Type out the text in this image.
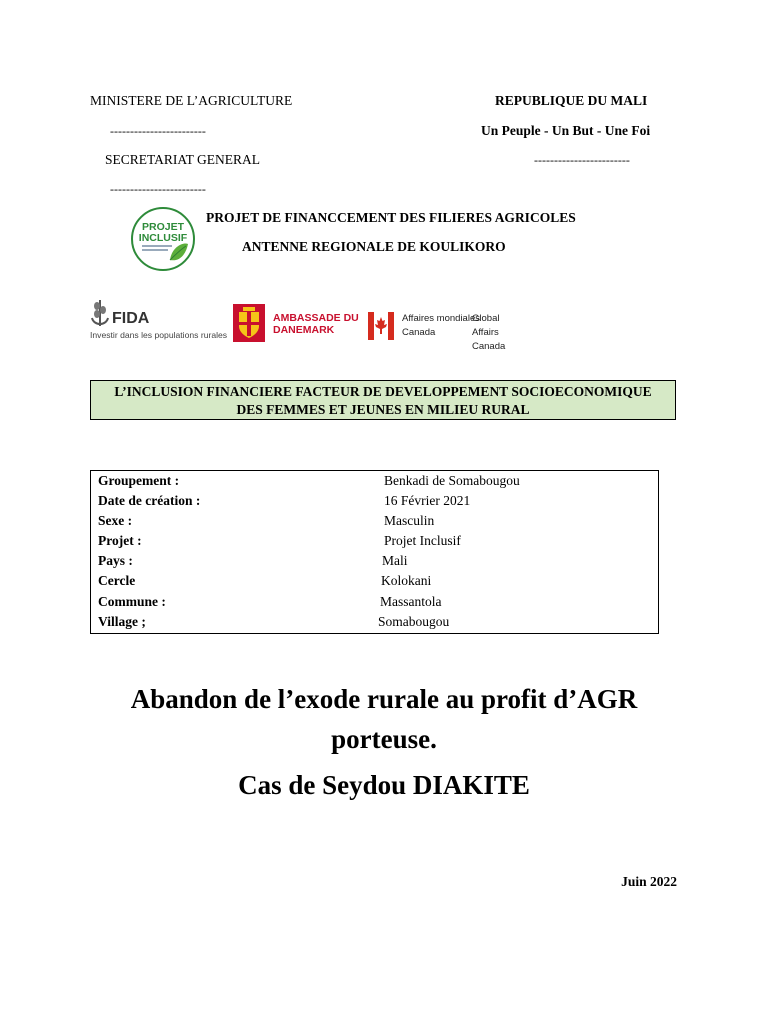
MINISTERE DE L’AGRICULTURE	REPUBLIQUE DU MALI
------------------------	Un Peuple - Un But - Une Foi
SECRETARIAT GENERAL	------------------------
------------------------
PROJET DE FINANCCEMENT DES FILIERES AGRICOLES
ANTENNE REGIONALE DE KOULIKORO
PROJET
INCLUSIF
FIDA
Investir dans les populations rurales
AMBASSADE DU
DANEMARK
Affaires mondiales
Canada
Global Affairs
Canada
L’INCLUSION FINANCIERE FACTEUR DE DEVELOPPEMENT SOCIOECONOMIQUE
DES FEMMES ET JEUNES EN MILIEU RURAL
Groupement :	Benkadi de Somabougou
Date de création :	16 Février 2021
Sexe :	Masculin
Projet :	Projet Inclusif
Pays :	Mali
Cercle	Kolokani
Commune :	Massantola
Village ;	Somabougou
Abandon de l’exode rurale au profit d’AGR
porteuse.
Cas de Seydou DIAKITE
Juin 2022
